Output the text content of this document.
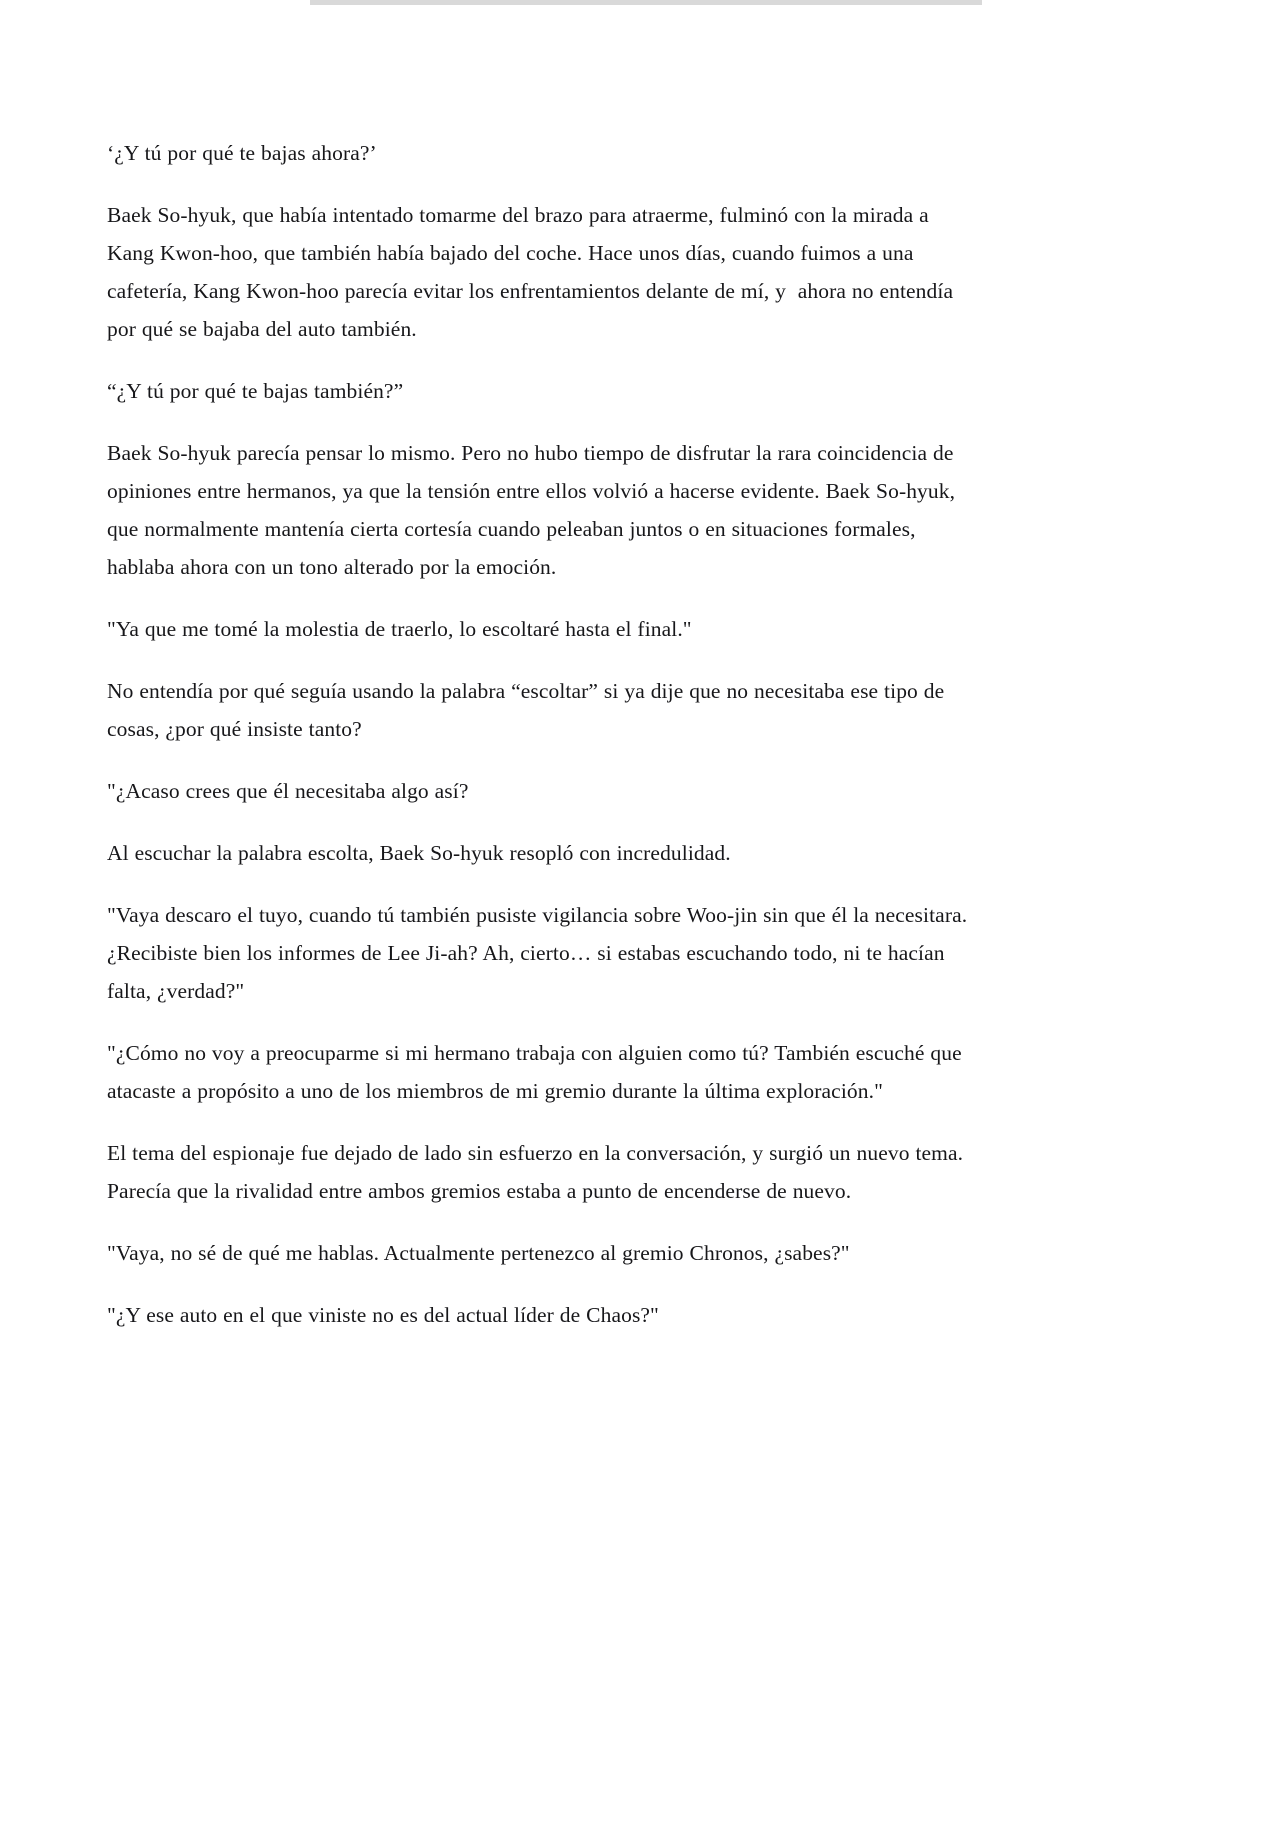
‘¿Y tú por qué te bajas ahora?’

Baek So-hyuk, que había intentado tomarme del brazo para atraerme, fulminó con la mirada a Kang Kwon-hoo, que también había bajado del coche. Hace unos días, cuando fuimos a una cafetería, Kang Kwon-hoo parecía evitar los enfrentamientos delante de mí, y  ahora no entendía por qué se bajaba del auto también.

“¿Y tú por qué te bajas también?”

Baek So-hyuk parecía pensar lo mismo. Pero no hubo tiempo de disfrutar la rara coincidencia de opiniones entre hermanos, ya que la tensión entre ellos volvió a hacerse evidente. Baek So-hyuk, que normalmente mantenía cierta cortesía cuando peleaban juntos o en situaciones formales, hablaba ahora con un tono alterado por la emoción.

"Ya que me tomé la molestia de traerlo, lo escoltaré hasta el final."

No entendía por qué seguía usando la palabra “escoltar” si ya dije que no necesitaba ese tipo de cosas, ¿por qué insiste tanto?

"¿Acaso crees que él necesitaba algo así?

Al escuchar la palabra escolta, Baek So-hyuk resopló con incredulidad.

"Vaya descaro el tuyo, cuando tú también pusiste vigilancia sobre Woo-jin sin que él la necesitara. ¿Recibiste bien los informes de Lee Ji-ah? Ah, cierto… si estabas escuchando todo, ni te hacían falta, ¿verdad?"

"¿Cómo no voy a preocuparme si mi hermano trabaja con alguien como tú? También escuché que atacaste a propósito a uno de los miembros de mi gremio durante la última exploración."

El tema del espionaje fue dejado de lado sin esfuerzo en la conversación, y surgió un nuevo tema. Parecía que la rivalidad entre ambos gremios estaba a punto de encenderse de nuevo.

"Vaya, no sé de qué me hablas. Actualmente pertenezco al gremio Chronos, ¿sabes?"

"¿Y ese auto en el que viniste no es del actual líder de Chaos?"
